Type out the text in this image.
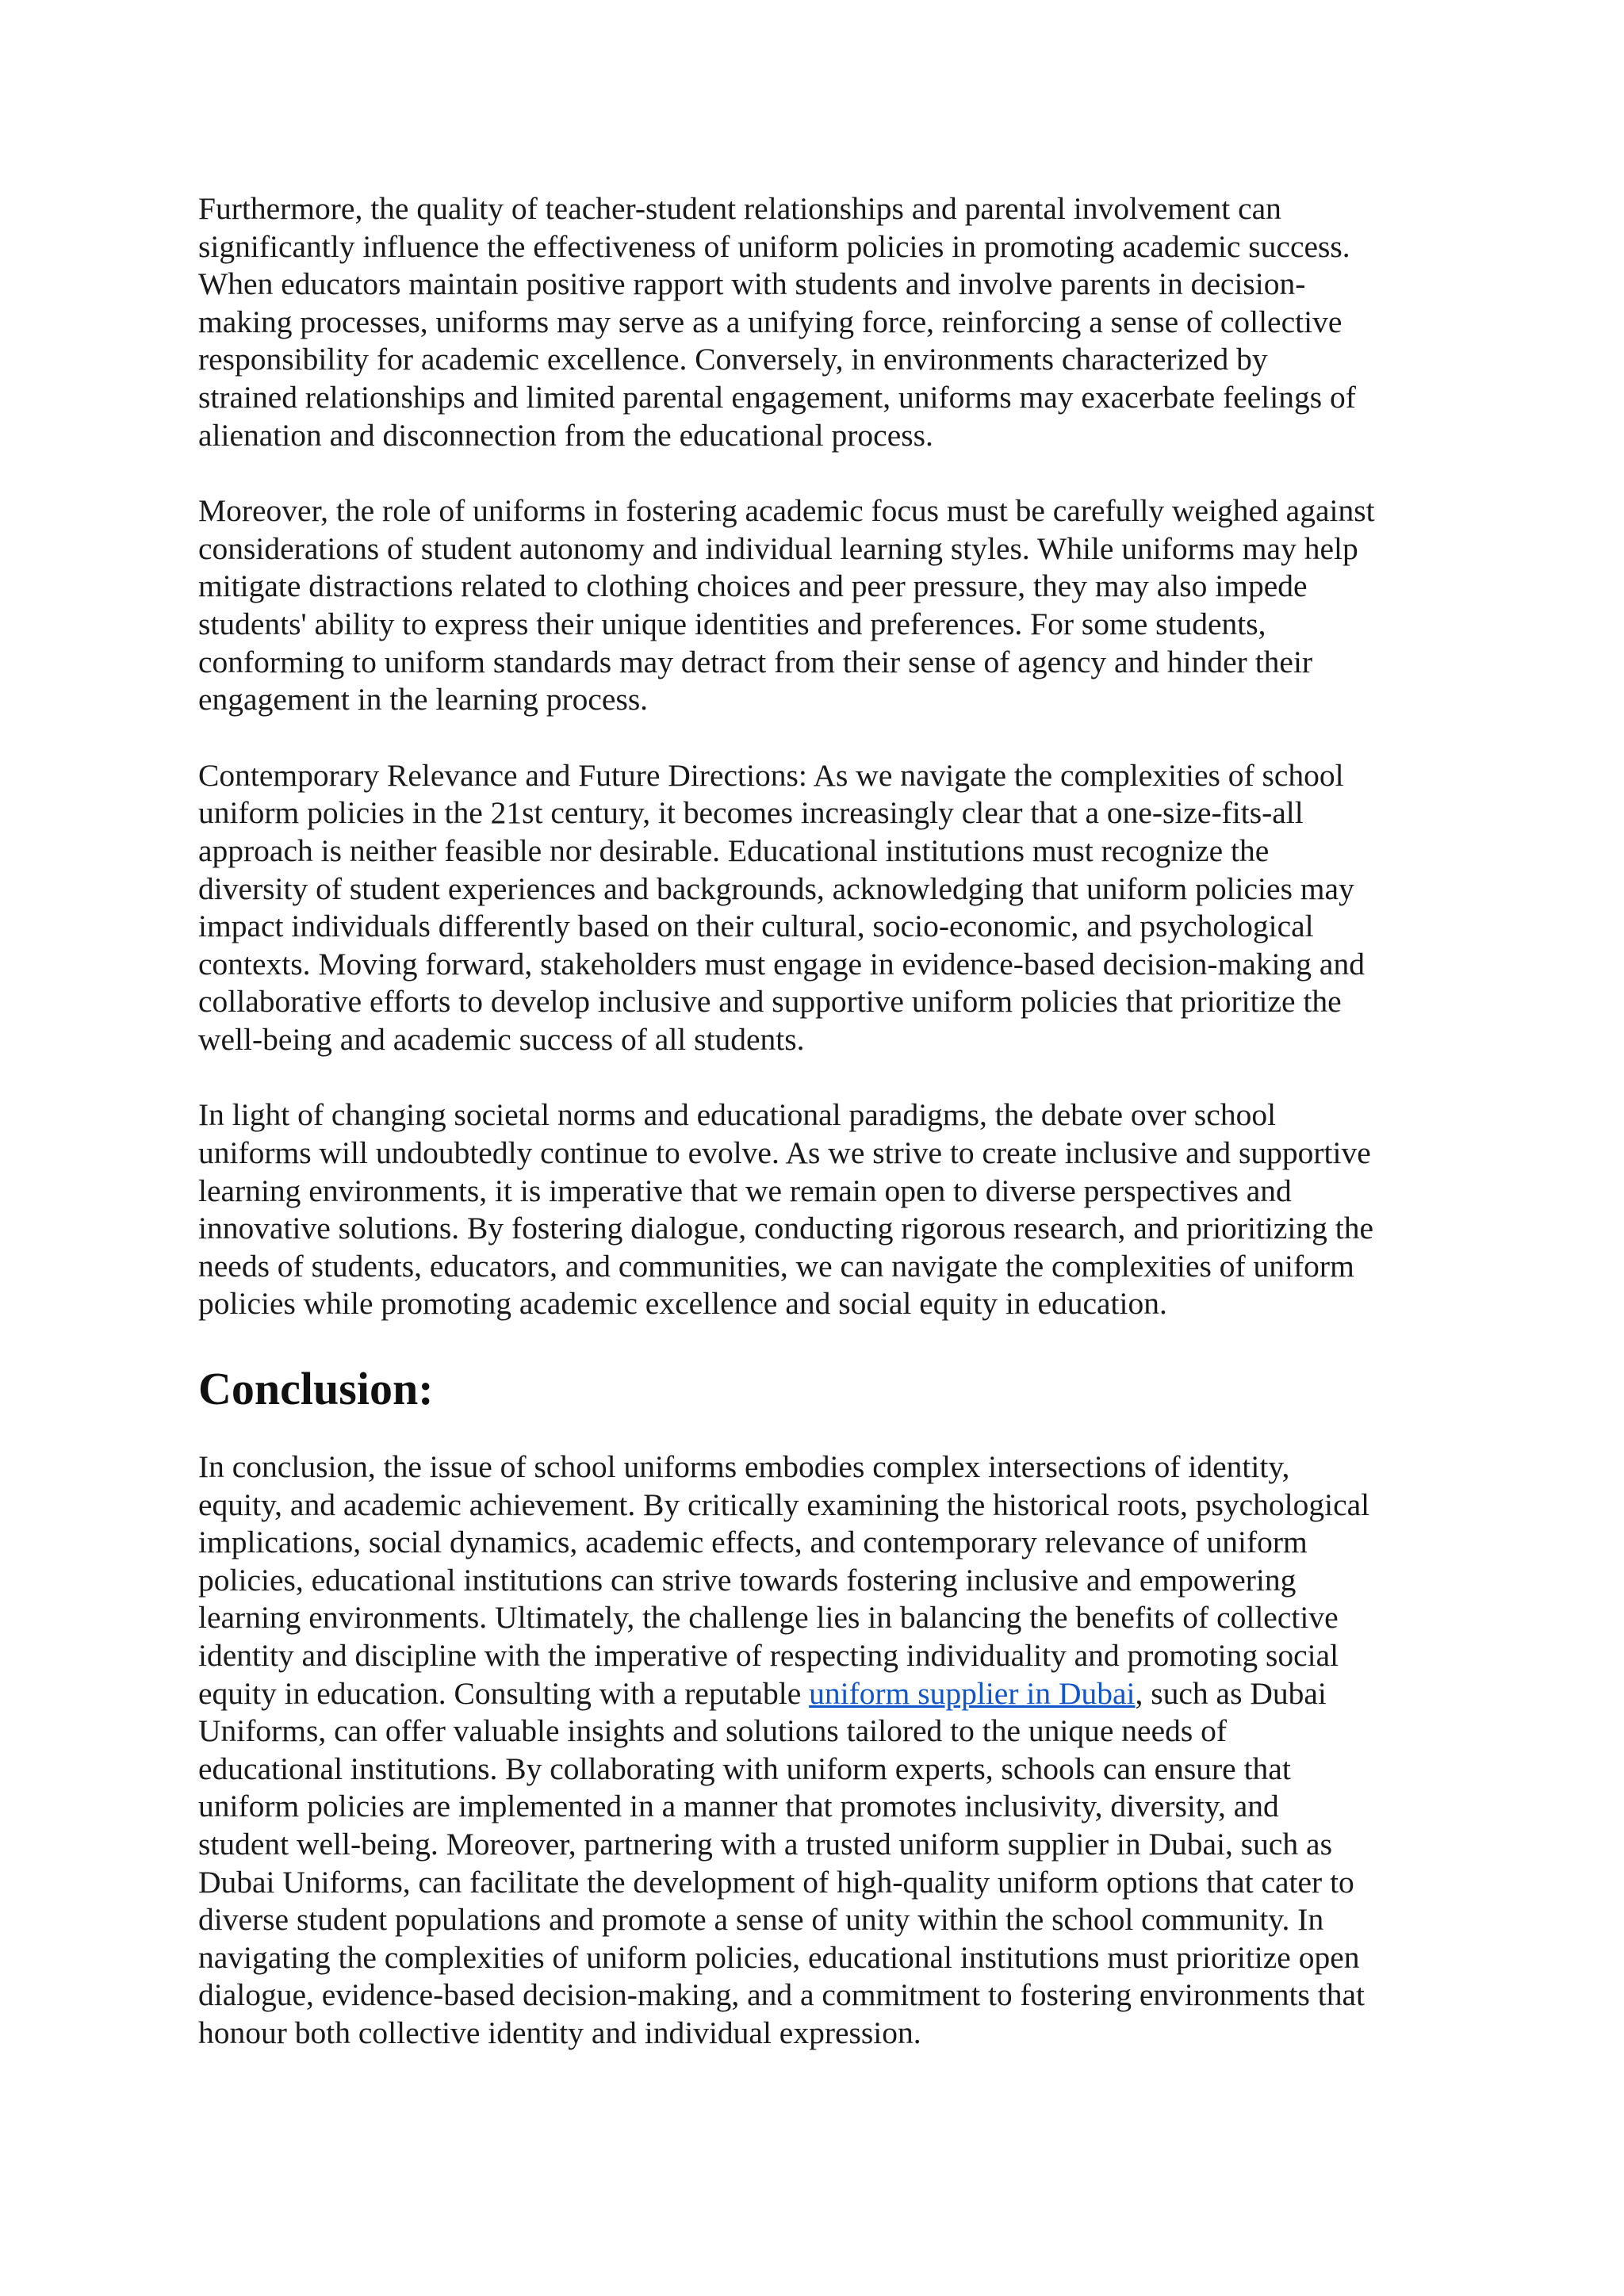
Furthermore, the quality of teacher-student relationships and parental involvement can
significantly influence the effectiveness of uniform policies in promoting academic success.
When educators maintain positive rapport with students and involve parents in decision-
making processes, uniforms may serve as a unifying force, reinforcing a sense of collective
responsibility for academic excellence. Conversely, in environments characterized by
strained relationships and limited parental engagement, uniforms may exacerbate feelings of
alienation and disconnection from the educational process.

Moreover, the role of uniforms in fostering academic focus must be carefully weighed against
considerations of student autonomy and individual learning styles. While uniforms may help
mitigate distractions related to clothing choices and peer pressure, they may also impede
students' ability to express their unique identities and preferences. For some students,
conforming to uniform standards may detract from their sense of agency and hinder their
engagement in the learning process.

Contemporary Relevance and Future Directions: As we navigate the complexities of school
uniform policies in the 21st century, it becomes increasingly clear that a one-size-fits-all
approach is neither feasible nor desirable. Educational institutions must recognize the
diversity of student experiences and backgrounds, acknowledging that uniform policies may
impact individuals differently based on their cultural, socio-economic, and psychological
contexts. Moving forward, stakeholders must engage in evidence-based decision-making and
collaborative efforts to develop inclusive and supportive uniform policies that prioritize the
well-being and academic success of all students.

In light of changing societal norms and educational paradigms, the debate over school
uniforms will undoubtedly continue to evolve. As we strive to create inclusive and supportive
learning environments, it is imperative that we remain open to diverse perspectives and
innovative solutions. By fostering dialogue, conducting rigorous research, and prioritizing the
needs of students, educators, and communities, we can navigate the complexities of uniform
policies while promoting academic excellence and social equity in education.

Conclusion:

In conclusion, the issue of school uniforms embodies complex intersections of identity,
equity, and academic achievement. By critically examining the historical roots, psychological
implications, social dynamics, academic effects, and contemporary relevance of uniform
policies, educational institutions can strive towards fostering inclusive and empowering
learning environments. Ultimately, the challenge lies in balancing the benefits of collective
identity and discipline with the imperative of respecting individuality and promoting social
equity in education. Consulting with a reputable uniform supplier in Dubai, such as Dubai
Uniforms, can offer valuable insights and solutions tailored to the unique needs of
educational institutions. By collaborating with uniform experts, schools can ensure that
uniform policies are implemented in a manner that promotes inclusivity, diversity, and
student well-being. Moreover, partnering with a trusted uniform supplier in Dubai, such as
Dubai Uniforms, can facilitate the development of high-quality uniform options that cater to
diverse student populations and promote a sense of unity within the school community. In
navigating the complexities of uniform policies, educational institutions must prioritize open
dialogue, evidence-based decision-making, and a commitment to fostering environments that
honour both collective identity and individual expression.
